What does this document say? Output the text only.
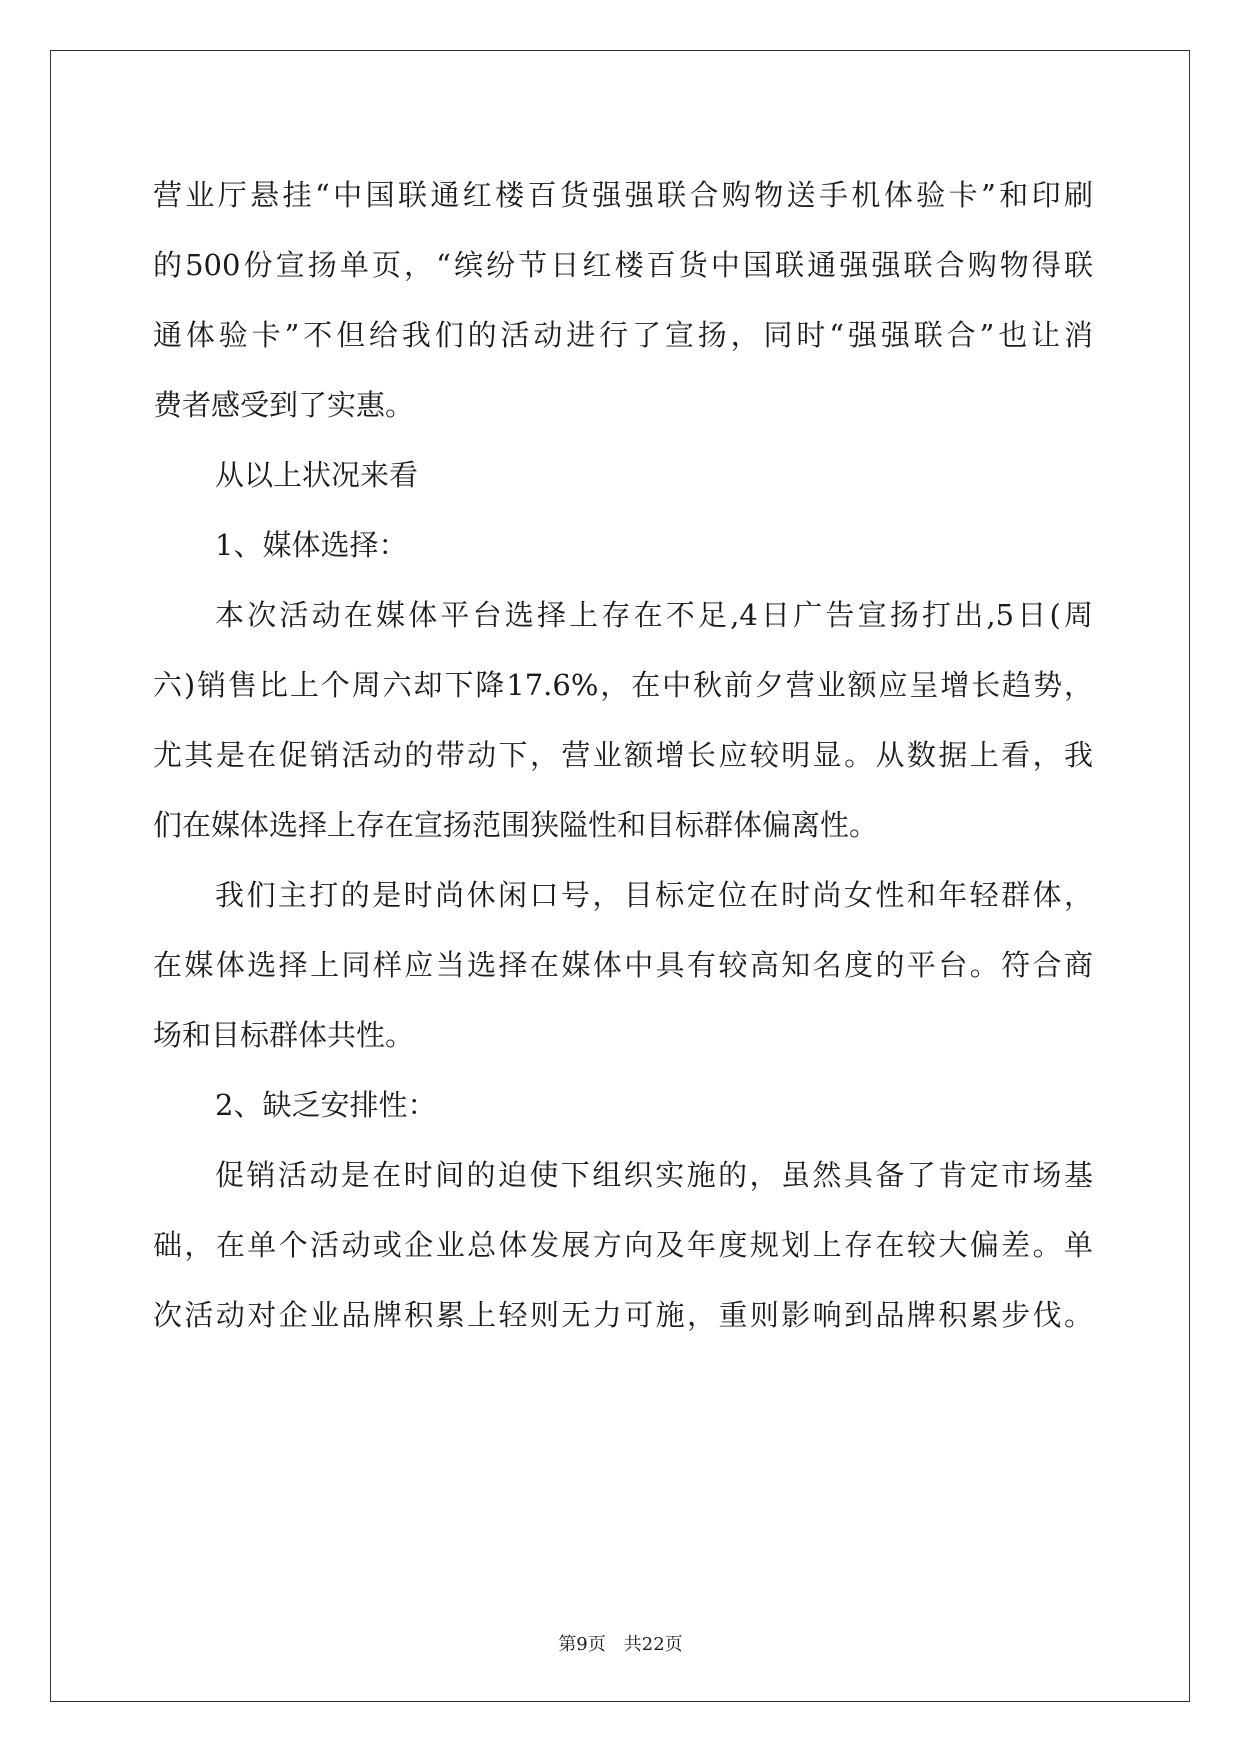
营业厅悬挂“中国联通红楼百货强强联合购物送手机体验卡”和印刷
的500份宣扬单页，“缤纷节日红楼百货中国联通强强联合购物得联
通体验卡”不但给我们的活动进行了宣扬，同时“强强联合”也让消
费者感受到了实惠。
从以上状况来看
1、媒体选择：
本次活动在媒体平台选择上存在不足,4日广告宣扬打出,5日(周
六)销售比上个周六却下降17.6%，在中秋前夕营业额应呈增长趋势，
尤其是在促销活动的带动下，营业额增长应较明显。从数据上看，我
们在媒体选择上存在宣扬范围狭隘性和目标群体偏离性。
我们主打的是时尚休闲口号，目标定位在时尚女性和年轻群体，
在媒体选择上同样应当选择在媒体中具有较高知名度的平台。符合商
场和目标群体共性。
2、缺乏安排性：
促销活动是在时间的迫使下组织实施的，虽然具备了肯定市场基
础，在单个活动或企业总体发展方向及年度规划上存在较大偏差。单
次活动对企业品牌积累上轻则无力可施，重则影响到品牌积累步伐。
第9页 共22页
